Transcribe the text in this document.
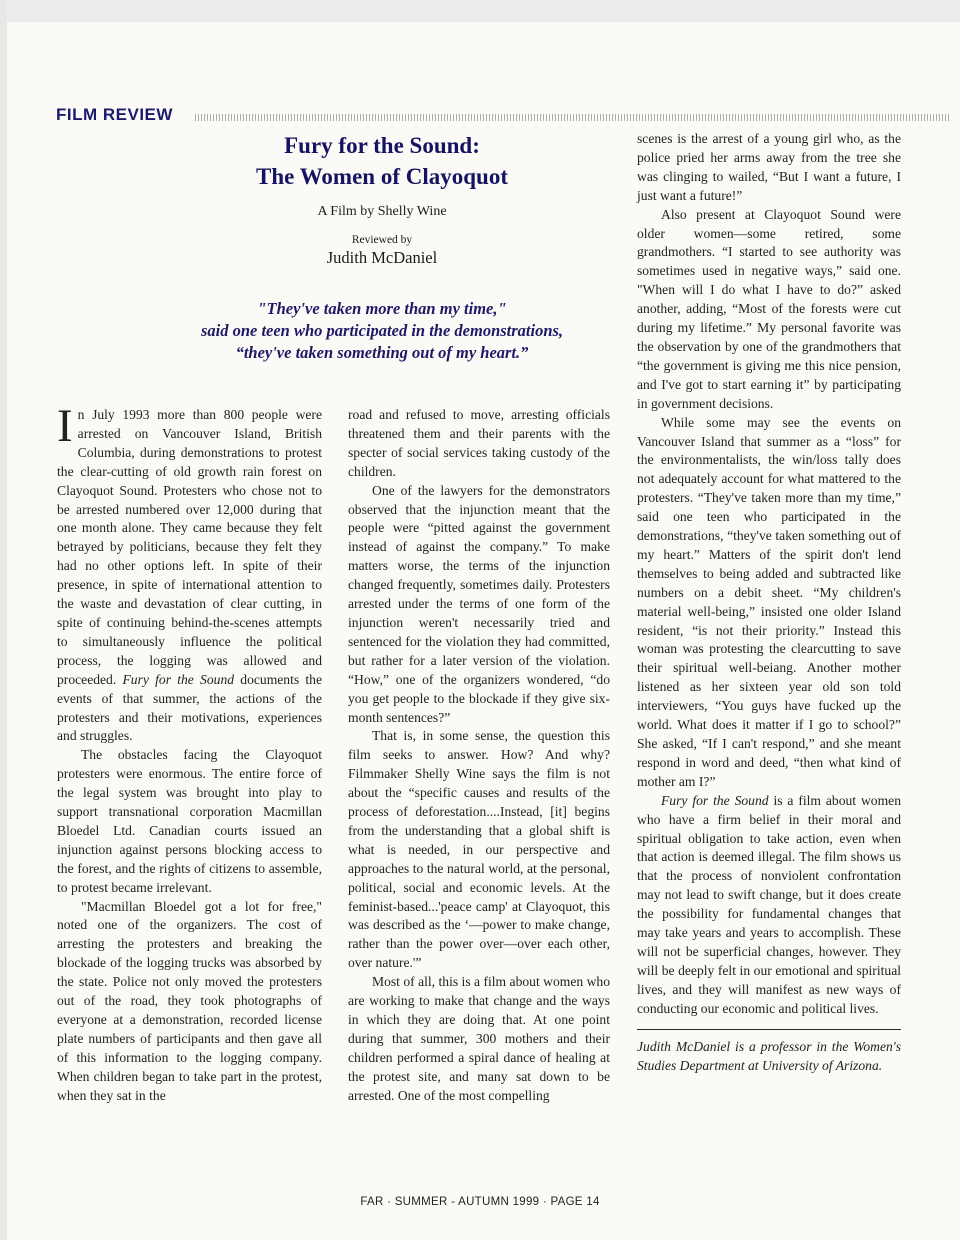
FILM REVIEW
Fury for the Sound:
The Women of Clayoquot

A Film by Shelly Wine

Reviewed by

Judith McDaniel

"They've taken more than my time,"
said one teen who participated in the demonstrations,
“they've taken something out of my heart.”

In July 1993 more than 800 people were arrested on Vancouver Island, British Columbia, during demonstrations to protest the clear-cutting of old growth rain forest on Clayoquot Sound. Protesters who chose not to be arrested numbered over 12,000 during that one month alone. They came because they felt betrayed by politicians, because they felt they had no other options left. In spite of their presence, in spite of international attention to the waste and devastation of clear cutting, in spite of continuing behind-the-scenes attempts to simultaneously influence the political process, the logging was allowed and proceeded. Fury for the Sound documents the events of that summer, the actions of the protesters and their motivations, experiences and struggles.

The obstacles facing the Clayoquot protesters were enormous. The entire force of the legal system was brought into play to support transnational corporation Macmillan Bloedel Ltd. Canadian courts issued an injunction against persons blocking access to the forest, and the rights of citizens to assemble, to protest became irrelevant.

"Macmillan Bloedel got a lot for free," noted one of the organizers. The cost of arresting the protesters and breaking the blockade of the logging trucks was absorbed by the state. Police not only moved the protesters out of the road, they took photographs of everyone at a demonstration, recorded license plate numbers of participants and then gave all of this information to the logging company. When children began to take part in the protest, when they sat in the

road and refused to move, arresting officials threatened them and their parents with the specter of social services taking custody of the children.

One of the lawyers for the demonstrators observed that the injunction meant that the people were “pitted against the government instead of against the company.” To make matters worse, the terms of the injunction changed frequently, sometimes daily. Protesters arrested under the terms of one form of the injunction weren't necessarily tried and sentenced for the violation they had committed, but rather for a later version of the violation. “How,” one of the organizers wondered, “do you get people to the blockade if they give six-month sentences?”

That is, in some sense, the question this film seeks to answer. How? And why? Filmmaker Shelly Wine says the film is not about the “specific causes and results of the process of deforestation....Instead, [it] begins from the understanding that a global shift is what is needed, in our perspective and approaches to the natural world, at the personal, political, social and economic levels. At the feminist-based...'peace camp' at Clayoquot, this was described as the ‘—power to make change, rather than the power over—over each other, over nature.'”

Most of all, this is a film about women who are working to make that change and the ways in which they are doing that. At one point during that summer, 300 mothers and their children performed a spiral dance of healing at the protest site, and many sat down to be arrested. One of the most compelling

scenes is the arrest of a young girl who, as the police pried her arms away from the tree she was clinging to wailed, “But I want a future, I just want a future!”

Also present at Clayoquot Sound were older women—some retired, some grandmothers. “I started to see authority was sometimes used in negative ways,” said one. "When will I do what I have to do?” asked another, adding, “Most of the forests were cut during my lifetime.” My personal favorite was the observation by one of the grandmothers that “the government is giving me this nice pension, and I've got to start earning it” by participating in government decisions.

While some may see the events on Vancouver Island that summer as a “loss” for the environmentalists, the win/loss tally does not adequately account for what mattered to the protesters. “They've taken more than my time,” said one teen who participated in the demonstrations, “they've taken something out of my heart.” Matters of the spirit don't lend themselves to being added and subtracted like numbers on a debit sheet. “My children's material well-being,” insisted one older Island resident, “is not their priority.” Instead this woman was protesting the clearcutting to save their spiritual well-beiang. Another mother listened as her sixteen year old son told interviewers, “You guys have fucked up the world. What does it matter if I go to school?” She asked, “If I can't respond,” and she meant respond in word and deed, “then what kind of mother am I?”

Fury for the Sound is a film about women who have a firm belief in their moral and spiritual obligation to take action, even when that action is deemed illegal. The film shows us that the process of nonviolent confrontation may not lead to swift change, but it does create the possibility for fundamental changes that may take years and years to accomplish. These will not be superficial changes, however. They will be deeply felt in our emotional and spiritual lives, and they will manifest as new ways of conducting our economic and political lives.

Judith McDaniel is a professor in the Women's Studies Department at University of Arizona.

FAR · SUMMER - AUTUMN 1999 · PAGE 14
